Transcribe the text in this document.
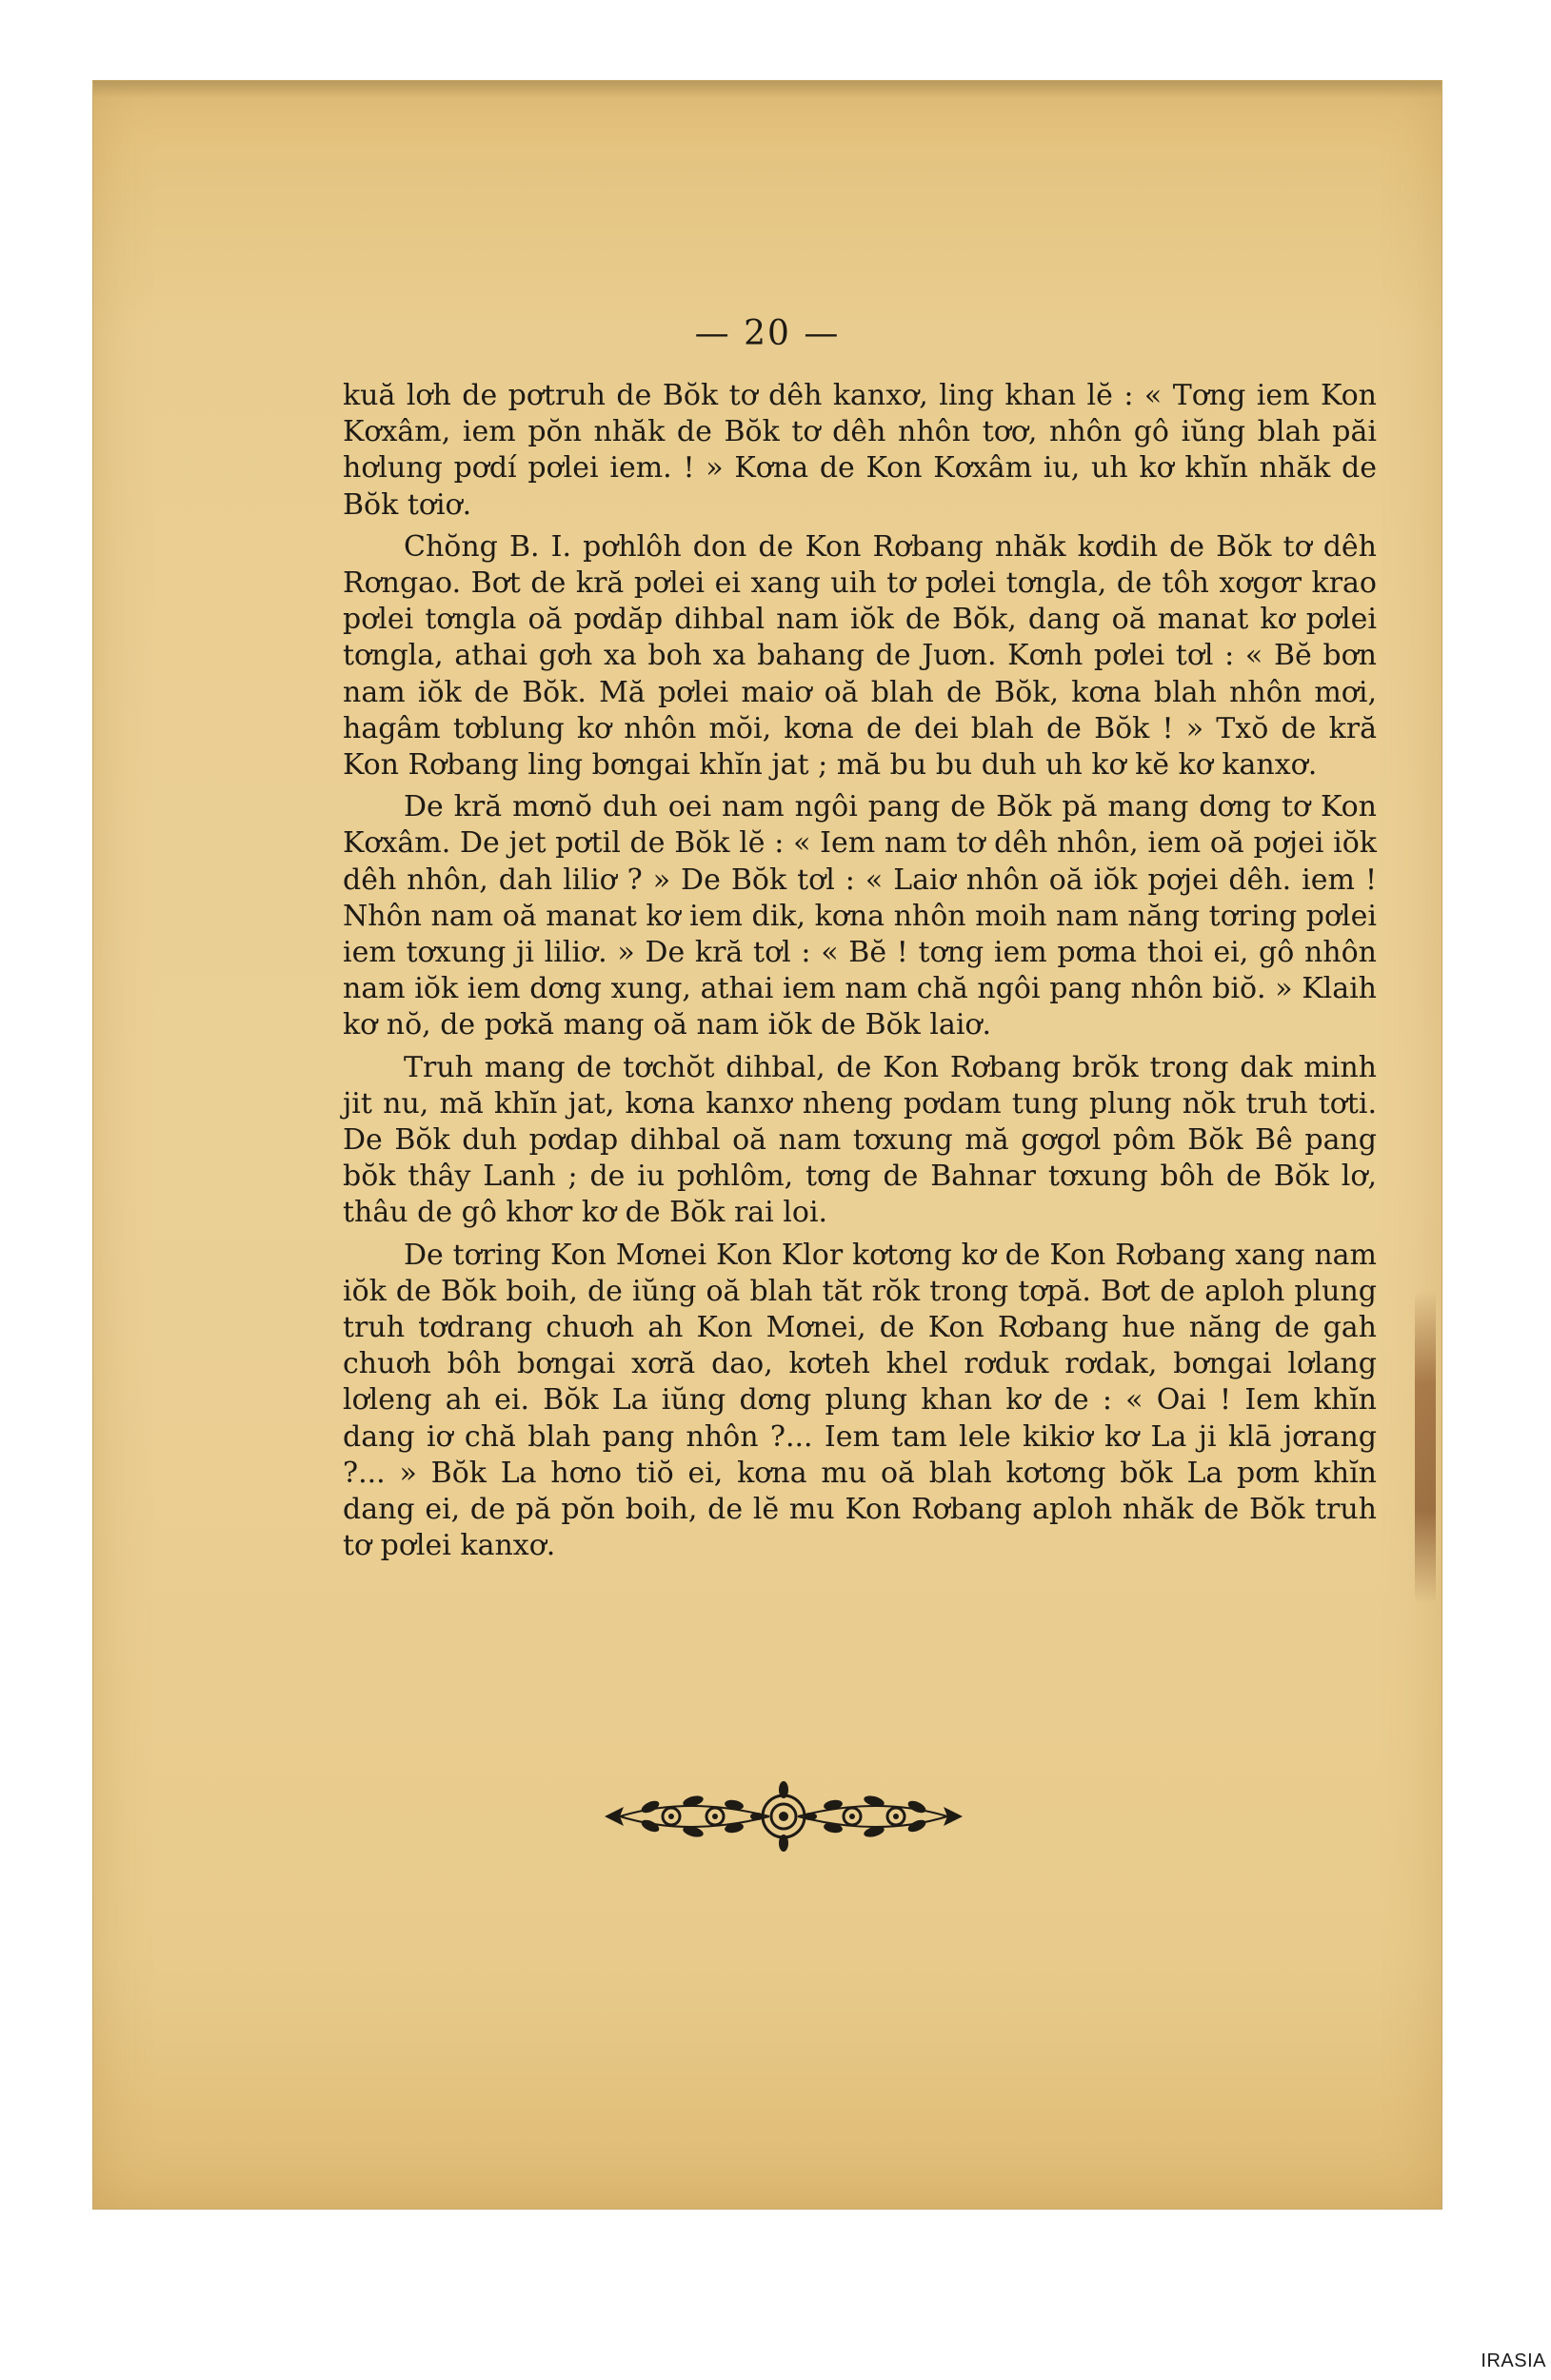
— 20 —

kuă lơh de pơtruh de Bŏk tơ dêh kanxơ, ling khan lĕ : « Tơng iem Kon Kơxâm, iem pŏn nhăk de Bŏk tơ dêh nhôn tơơ, nhôn gô iŭng blah păi hơlung pơdí pơlei iem. ! » Kơna de Kon Kơxâm iu, uh kơ khĭn nhăk de Bŏk tơiơ.

Chŏng B. I. pơhlôh don de Kon Rơbang nhăk kơdih de Bŏk tơ dêh Rơngao. Bơt de kră pơlei ei xang uih tơ pơlei tơngla, de tôh xơgơr krao pơlei tơngla oă pơdăp dihbal nam iŏk de Bŏk, dang oă manat kơ pơlei tơngla, athai gơh xa boh xa bahang de Juơn. Kơnh pơlei tơl : « Bĕ bơn nam iŏk de Bŏk. Mă pơlei maiơ oă blah de Bŏk, kơna blah nhôn mơi, hagâm tơblung kơ nhôn mŏi, kơna de dei blah de Bŏk ! » Txŏ de kră Kon Rơbang ling bơngai khĭn jat ; mă bu bu duh uh kơ kĕ kơ kanxơ.

De kră mơnŏ duh oei nam ngôi pang de Bŏk pă mang dơng tơ Kon Kơxâm. De jet pơtil de Bŏk lĕ : « Iem nam tơ dêh nhôn, iem oă pơjei iŏk dêh nhôn, dah liliơ ? » De Bŏk tơl : « Laiơ nhôn oă iŏk pơjei dêh. iem ! Nhôn nam oă manat kơ iem dik, kơna nhôn moih nam năng tơring pơlei iem tơxung ji liliơ. » De kră tơl : « Bĕ ! tơng iem pơma thoi ei, gô nhôn nam iŏk iem dơng xung, athai iem nam chă ngôi pang nhôn biŏ. » Klaih kơ nŏ, de pơkă mang oă nam iŏk de Bŏk laiơ.

Truh mang de tơchŏt dihbal, de Kon Rơbang brŏk trong dak minh jit nu, mă khĭn jat, kơna kanxơ nheng pơdam tung plung nŏk truh tơti. De Bŏk duh pơdap dihbal oă nam tơxung mă gơgơl pôm Bŏk Bê pang bŏk thây Lanh ; de iu pơhlôm, tơng de Bahnar tơxung bôh de Bŏk lơ, thâu de gô khơr kơ de Bŏk rai loi.

De tơring Kon Mơnei Kon Klor kơtơng kơ de Kon Rơbang xang nam iŏk de Bŏk boih, de iŭng oă blah tăt rŏk trong tơpă. Bơt de aploh plung truh tơdrang chuơh ah Kon Mơnei, de Kon Rơbang hue năng de gah chuơh bôh bơngai xơră dao, kơteh khel rơduk rơdak, bơngai lơlang lơleng ah ei. Bŏk La iŭng dơng plung khan kơ de : « Oai ! Iem khĭn dang iơ chă blah pang nhôn ?... Iem tam lele kikiơ kơ La ji klā jơrang ?... » Bŏk La hơno tiŏ ei, kơna mu oă blah kơtơng bŏk La pơm khĭn dang ei, de pă pŏn boih, de lĕ mu Kon Rơbang aploh nhăk de Bŏk truh tơ pơlei kanxơ.

IRASIA
